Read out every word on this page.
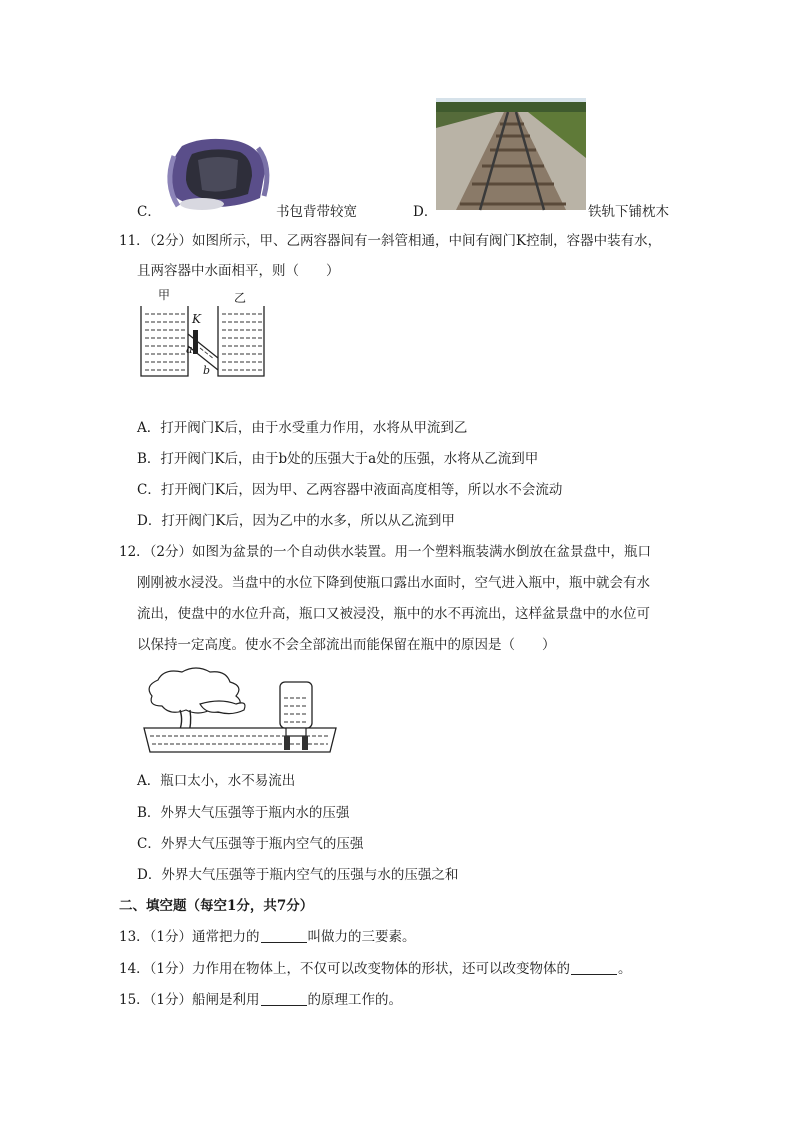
C．	书包背带较宽	D．	铁轨下铺枕木
11．（2分）如图所示，甲、乙两容器间有一斜管相通，中间有阀门K控制，容器中装有水，
且两容器中水面相平，则（　　）
甲	乙
K
a
b
A．打开阀门K后，由于水受重力作用，水将从甲流到乙
B．打开阀门K后，由于b处的压强大于a处的压强，水将从乙流到甲
C．打开阀门K后，因为甲、乙两容器中液面高度相等，所以水不会流动
D．打开阀门K后，因为乙中的水多，所以从乙流到甲
12．（2分）如图为盆景的一个自动供水装置。用一个塑料瓶装满水倒放在盆景盘中，瓶口
刚刚被水浸没。当盘中的水位下降到使瓶口露出水面时，空气进入瓶中，瓶中就会有水
流出，使盘中的水位升高，瓶口又被浸没，瓶中的水不再流出，这样盆景盘中的水位可
以保持一定高度。使水不会全部流出而能保留在瓶中的原因是（　　）
A．瓶口太小，水不易流出
B．外界大气压强等于瓶内水的压强
C．外界大气压强等于瓶内空气的压强
D．外界大气压强等于瓶内空气的压强与水的压强之和
二、填空题（每空1分，共7分）
13．（1分）通常把力的	叫做力的三要素。
14．（1分）力作用在物体上，不仅可以改变物体的形状，还可以改变物体的	。
15．（1分）船闸是利用	的原理工作的。
